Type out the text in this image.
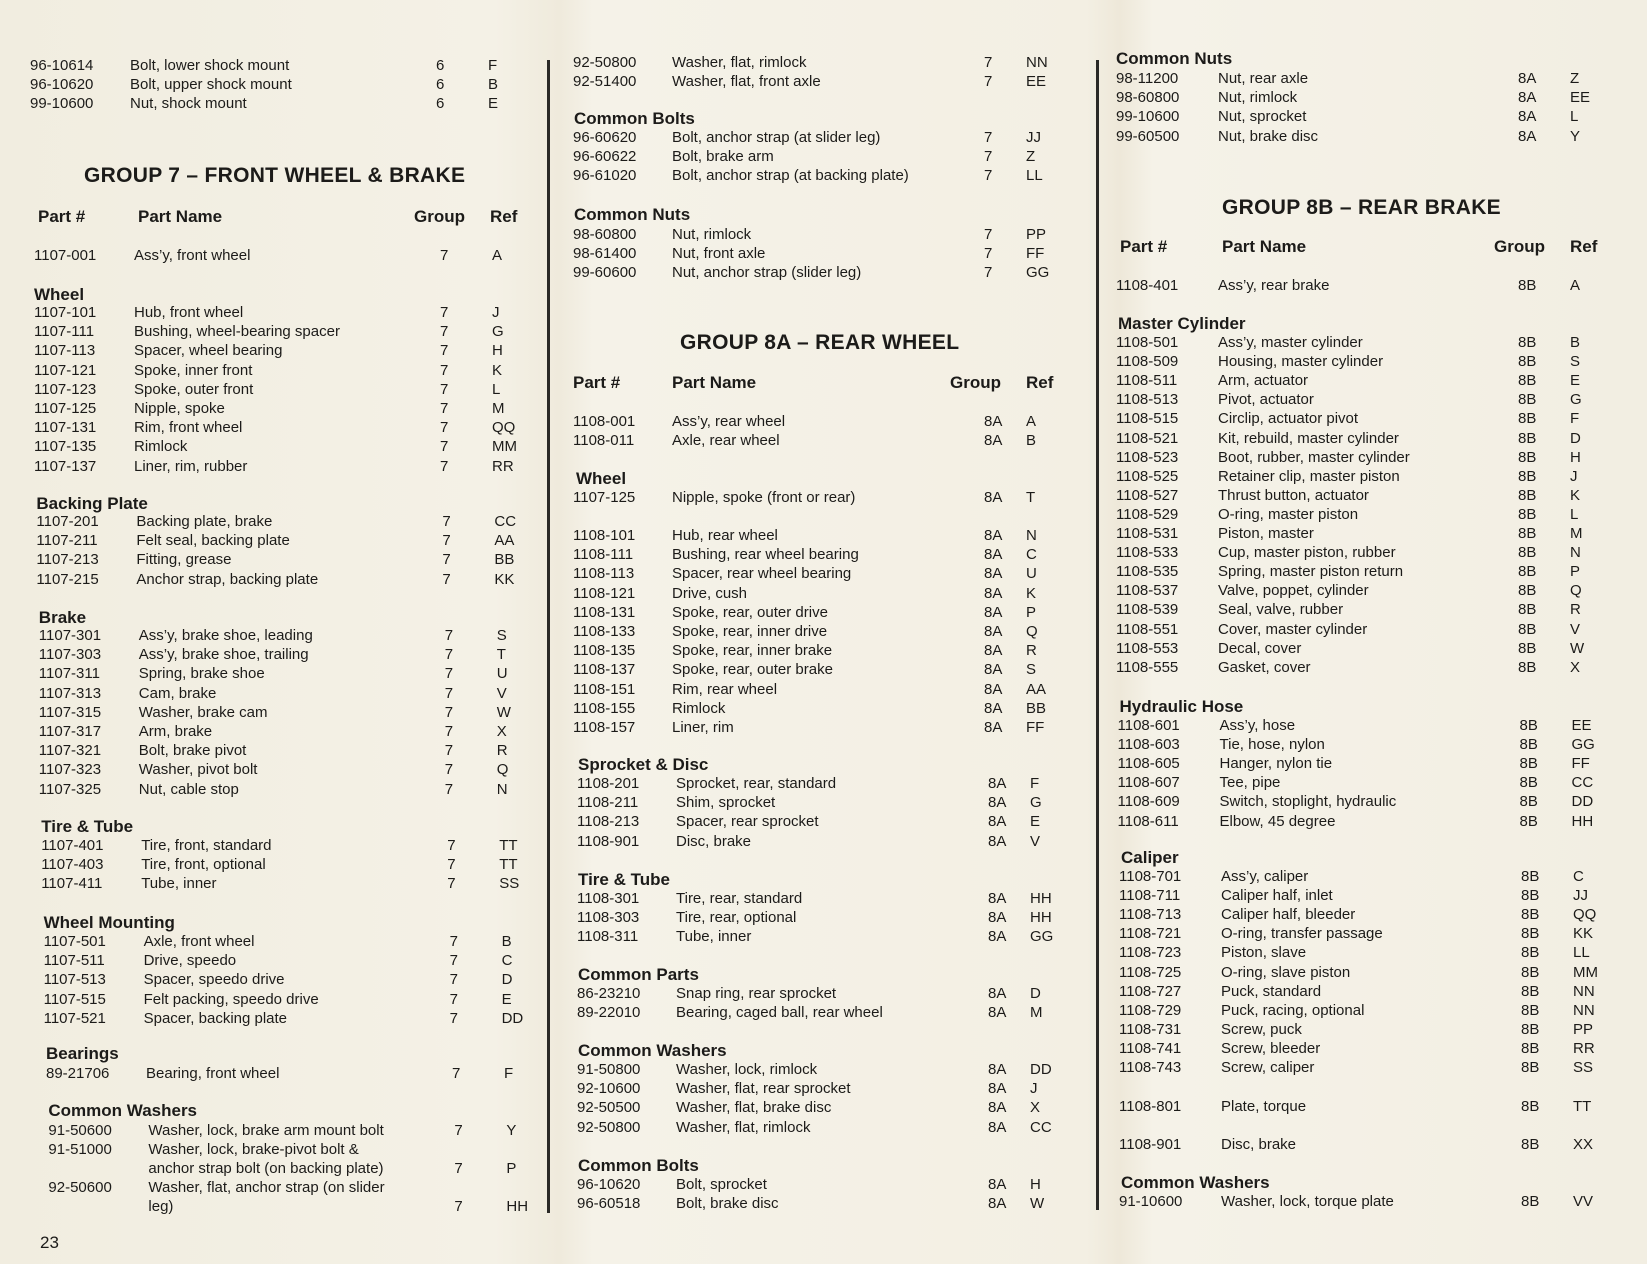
96-10614 Bolt, lower shock mount	6	F
96-10620 Bolt, upper shock mount	6	B
99-10600 Nut, shock mount	6	E
GROUP 7 – FRONT WHEEL & BRAKE
Part #	Part Name	Group Ref
1107-001	Ass’y, front wheel	7	A
Wheel
1107-101	Hub, front wheel	7	J
1107-111	Bushing, wheel-bearing spacer	7	G
1107-113	Spacer, wheel bearing	7	H
1107-121	Spoke, inner front	7	K
1107-123	Spoke, outer front	7	L
1107-125	Nipple, spoke	7	M
1107-131	Rim, front wheel	7	QQ
1107-135	Rimlock	7	MM
1107-137	Liner, rim, rubber	7	RR
Backing Plate
1107-201	Backing plate, brake	7	CC
1107-211	Felt seal, backing plate	7	AA
1107-213	Fitting, grease	7	BB
1107-215	Anchor strap, backing plate	7	KK
Brake
1107-301	Ass’y, brake shoe, leading	7	S
1107-303	Ass’y, brake shoe, trailing	7	T
1107-311	Spring, brake shoe	7	U
1107-313	Cam, brake	7	V
1107-315	Washer, brake cam	7	W
1107-317	Arm, brake	7	X
1107-321	Bolt, brake pivot	7	R
1107-323	Washer, pivot bolt	7	Q
1107-325	Nut, cable stop	7	N
Tire & Tube
1107-401	Tire, front, standard	7	TT
1107-403	Tire, front, optional	7	TT
1107-411	Tube, inner	7	SS
Wheel Mounting
1107-501	Axle, front wheel	7	B
1107-511	Drive, speedo	7	C
1107-513	Spacer, speedo drive	7	D
1107-515	Felt packing, speedo drive	7	E
1107-521	Spacer, backing plate	7	DD
Bearings
89-21706 Bearing, front wheel	7	F
Common Washers
91-50600 Washer, lock, brake arm mount bolt	7	Y
91-51000 Washer, lock, brake-pivot bolt &
anchor strap bolt (on backing plate)	7	P
92-50600 Washer, flat, anchor strap (on slider
leg)	7	HH
92-50800 Washer, flat, rimlock	7 NN
92-51400 Washer, flat, front axle	7 EE
Common Bolts
96-60620 Bolt, anchor strap (at slider leg)	7 JJ
96-60622 Bolt, brake arm	7 Z
96-61020 Bolt, anchor strap (at backing plate)	7 LL
Common Nuts
98-60800 Nut, rimlock	7 PP
98-61400 Nut, front axle	7 FF
99-60600 Nut, anchor strap (slider leg)	7 GG
GROUP 8A – REAR WHEEL
Part #	Part Name	Group Ref
1108-001 Ass’y, rear wheel	8A A
1108-011	Axle, rear wheel	8A B
Wheel
1107-125 Nipple, spoke (front or rear)	8A T
1108-101 Hub, rear wheel	8A N
1108-111	Bushing, rear wheel bearing	8A C
1108-113	Spacer, rear wheel bearing	8A U
1108-121 Drive, cush	8A K
1108-131 Spoke, rear, outer drive	8A P
1108-133 Spoke, rear, inner drive	8A Q
1108-135 Spoke, rear, inner brake	8A R
1108-137 Spoke, rear, outer brake	8A S
1108-151 Rim, rear wheel	8A AA
1108-155 Rimlock	8A BB
1108-157 Liner, rim	8A FF
Sprocket & Disc
1108-201 Sprocket, rear, standard	8A F
1108-211	Shim, sprocket	8A G
1108-213 Spacer, rear sprocket	8A E
1108-901 Disc, brake	8A V
Tire & Tube
1108-301 Tire, rear, standard	8A HH
1108-303 Tire, rear, optional	8A HH
1108-311	Tube, inner	8A GG
Common Parts
86-23210 Snap ring, rear sprocket	8A D
89-22010 Bearing, caged ball, rear wheel	8A M
Common Washers
91-50800 Washer, lock, rimlock	8A DD
92-10600 Washer, flat, rear sprocket	8A J
92-50500 Washer, flat, brake disc	8A X
92-50800 Washer, flat, rimlock	8A CC
Common Bolts
96-10620 Bolt, sprocket	8A H
96-60518 Bolt, brake disc	8A W
Common Nuts
98-11200	Nut, rear axle	8A Z
98-60800	Nut, rimlock	8A EE
99-10600	Nut, sprocket	8A L
99-60500	Nut, brake disc	8A Y
GROUP 8B – REAR BRAKE
Part #	Part Name	Group Ref
1108-401	Ass’y, rear brake	8B A
Master Cylinder
1108-501	Ass’y, master cylinder	8B B
1108-509	Housing, master cylinder	8B S
1108-511	Arm, actuator	8B E
1108-513	Pivot, actuator	8B G
1108-515	Circlip, actuator pivot	8B F
1108-521	Kit, rebuild, master cylinder	8B D
1108-523	Boot, rubber, master cylinder	8B H
1108-525	Retainer clip, master piston	8B J
1108-527	Thrust button, actuator	8B K
1108-529	O-ring, master piston	8B L
1108-531	Piston, master	8B M
1108-533	Cup, master piston, rubber	8B N
1108-535	Spring, master piston return	8B P
1108-537	Valve, poppet, cylinder	8B Q
1108-539	Seal, valve, rubber	8B R
1108-551	Cover, master cylinder	8B V
1108-553	Decal, cover	8B W
1108-555	Gasket, cover	8B X
Hydraulic Hose
1108-601	Ass’y, hose	8B EE
1108-603	Tie, hose, nylon	8B GG
1108-605	Hanger, nylon tie	8B FF
1108-607	Tee, pipe	8B CC
1108-609	Switch, stoplight, hydraulic	8B DD
1108-611	Elbow, 45 degree	8B HH
Caliper
1108-701	Ass’y, caliper	8B C
1108-711	Caliper half, inlet	8B JJ
1108-713	Caliper half, bleeder	8B QQ
1108-721	O-ring, transfer passage	8B KK
1108-723	Piston, slave	8B LL
1108-725	O-ring, slave piston	8B MM
1108-727	Puck, standard	8B NN
1108-729	Puck, racing, optional	8B NN
1108-731	Screw, puck	8B PP
1108-741	Screw, bleeder	8B RR
1108-743	Screw, caliper	8B SS
1108-801	Plate, torque	8B TT
1108-901	Disc, brake	8B XX
Common Washers
91-10600	Washer, lock, torque plate	8B VV
23
